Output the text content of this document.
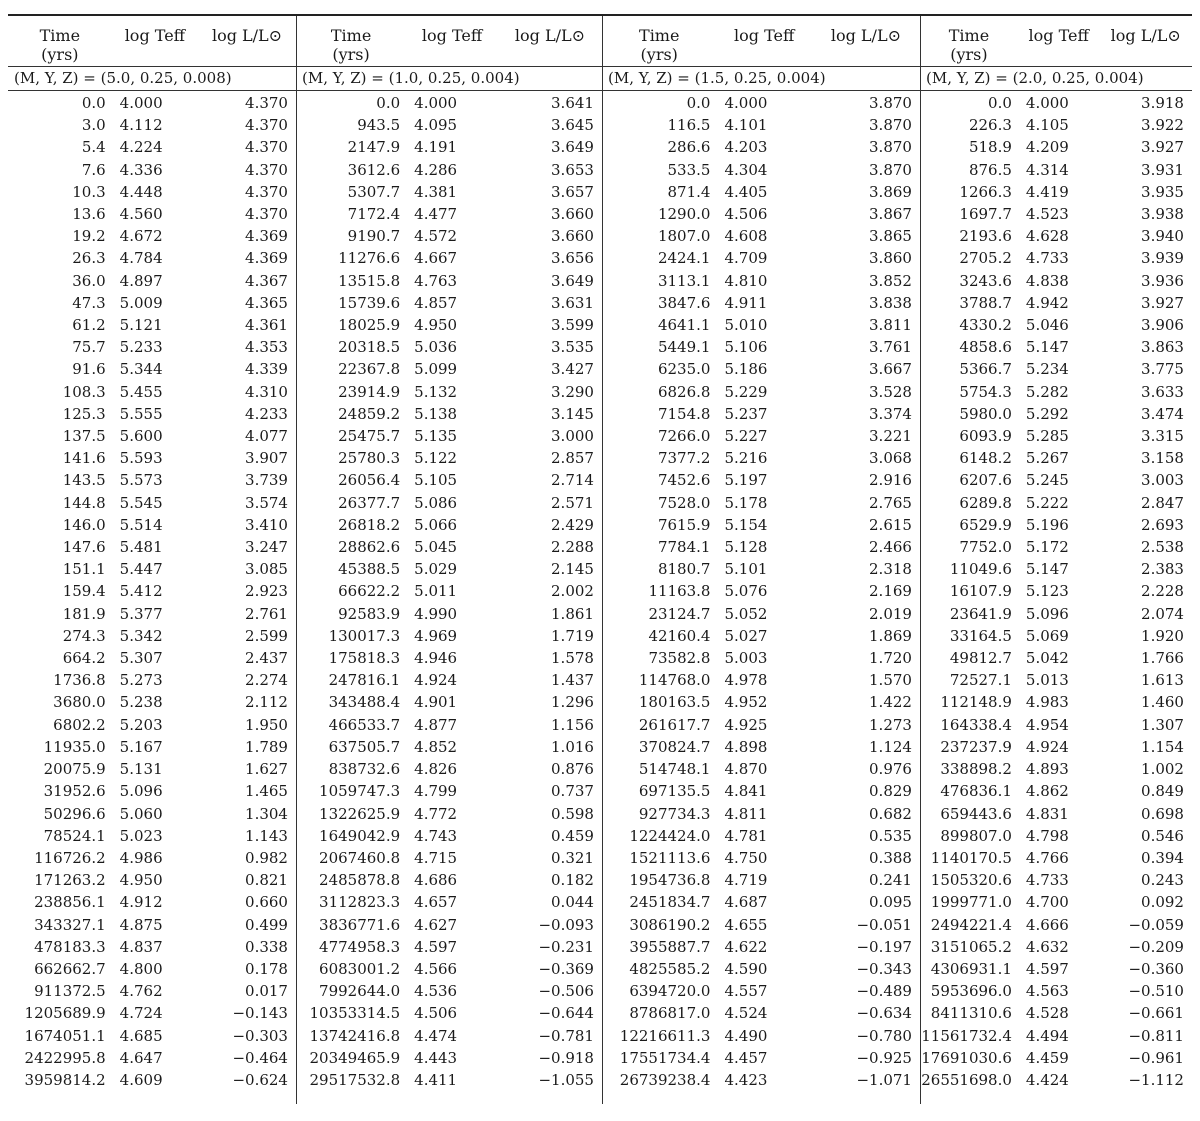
Time
(yrs)
log Teff	log L/L⊙
(M, Y, Z) = (5.0, 0.25, 0.008)
0.0 4.000	4.370
3.0 4.112	4.370
5.4 4.224	4.370
7.6 4.336	4.370
10.3 4.448	4.370
13.6 4.560	4.370
19.2 4.672	4.369
26.3 4.784	4.369
36.0 4.897	4.367
47.3 5.009	4.365
61.2 5.121	4.361
75.7 5.233	4.353
91.6 5.344	4.339
108.3 5.455	4.310
125.3 5.555	4.233
137.5 5.600	4.077
141.6 5.593	3.907
143.5 5.573	3.739
144.8 5.545	3.574
146.0 5.514	3.410
147.6 5.481	3.247
151.1 5.447	3.085
159.4 5.412	2.923
181.9 5.377	2.761
274.3 5.342	2.599
664.2 5.307	2.437
1736.8 5.273	2.274
3680.0 5.238	2.112
6802.2 5.203	1.950
11935.0 5.167	1.789
20075.9 5.131	1.627
31952.6 5.096	1.465
50296.6 5.060	1.304
78524.1 5.023	1.143
116726.2 4.986	0.982
171263.2 4.950	0.821
238856.1 4.912	0.660
343327.1 4.875	0.499
478183.3 4.837	0.338
662662.7 4.800	0.178
911372.5 4.762	0.017
1205689.9 4.724	−0.143
1674051.1 4.685	−0.303
2422995.8 4.647	−0.464
3959814.2 4.609	−0.624
Time
(yrs)
log Teff	log L/L⊙
(M, Y, Z) = (1.0, 0.25, 0.004)
0.0 4.000	3.641
943.5 4.095	3.645
2147.9 4.191	3.649
3612.6 4.286	3.653
5307.7 4.381	3.657
7172.4 4.477	3.660
9190.7 4.572	3.660
11276.6 4.667	3.656
13515.8 4.763	3.649
15739.6 4.857	3.631
18025.9 4.950	3.599
20318.5 5.036	3.535
22367.8 5.099	3.427
23914.9 5.132	3.290
24859.2 5.138	3.145
25475.7 5.135	3.000
25780.3 5.122	2.857
26056.4 5.105	2.714
26377.7 5.086	2.571
26818.2 5.066	2.429
28862.6 5.045	2.288
45388.5 5.029	2.145
66622.2 5.011	2.002
92583.9 4.990	1.861
130017.3 4.969	1.719
175818.3 4.946	1.578
247816.1 4.924	1.437
343488.4 4.901	1.296
466533.7 4.877	1.156
637505.7 4.852	1.016
838732.6 4.826	0.876
1059747.3 4.799	0.737
1322625.9 4.772	0.598
1649042.9 4.743	0.459
2067460.8 4.715	0.321
2485878.8 4.686	0.182
3112823.3 4.657	0.044
3836771.6 4.627	−0.093
4774958.3 4.597	−0.231
6083001.2 4.566	−0.369
7992644.0 4.536	−0.506
10353314.5 4.506	−0.644
13742416.8 4.474	−0.781
20349465.9 4.443	−0.918
29517532.8 4.411	−1.055
Time
(yrs)
log Teff	log L/L⊙
(M, Y, Z) = (1.5, 0.25, 0.004)
0.0 4.000	3.870
116.5 4.101	3.870
286.6 4.203	3.870
533.5 4.304	3.870
871.4 4.405	3.869
1290.0 4.506	3.867
1807.0 4.608	3.865
2424.1 4.709	3.860
3113.1 4.810	3.852
3847.6 4.911	3.838
4641.1 5.010	3.811
5449.1 5.106	3.761
6235.0 5.186	3.667
6826.8 5.229	3.528
7154.8 5.237	3.374
7266.0 5.227	3.221
7377.2 5.216	3.068
7452.6 5.197	2.916
7528.0 5.178	2.765
7615.9 5.154	2.615
7784.1 5.128	2.466
8180.7 5.101	2.318
11163.8 5.076	2.169
23124.7 5.052	2.019
42160.4 5.027	1.869
73582.8 5.003	1.720
114768.0 4.978	1.570
180163.5 4.952	1.422
261617.7 4.925	1.273
370824.7 4.898	1.124
514748.1 4.870	0.976
697135.5 4.841	0.829
927734.3 4.811	0.682
1224424.0 4.781	0.535
1521113.6 4.750	0.388
1954736.8 4.719	0.241
2451834.7 4.687	0.095
3086190.2 4.655	−0.051
3955887.7 4.622	−0.197
4825585.2 4.590	−0.343
6394720.0 4.557	−0.489
8786817.0 4.524	−0.634
12216611.3 4.490	−0.780
17551734.4 4.457	−0.925
26739238.4 4.423	−1.071
Time
(yrs)
log Teff	log L/L⊙
(M, Y, Z) = (2.0, 0.25, 0.004)
0.0 4.000	3.918
226.3 4.105	3.922
518.9 4.209	3.927
876.5 4.314	3.931
1266.3 4.419	3.935
1697.7 4.523	3.938
2193.6 4.628	3.940
2705.2 4.733	3.939
3243.6 4.838	3.936
3788.7 4.942	3.927
4330.2 5.046	3.906
4858.6 5.147	3.863
5366.7 5.234	3.775
5754.3 5.282	3.633
5980.0 5.292	3.474
6093.9 5.285	3.315
6148.2 5.267	3.158
6207.6 5.245	3.003
6289.8 5.222	2.847
6529.9 5.196	2.693
7752.0 5.172	2.538
11049.6 5.147	2.383
16107.9 5.123	2.228
23641.9 5.096	2.074
33164.5 5.069	1.920
49812.7 5.042	1.766
72527.1 5.013	1.613
112148.9 4.983	1.460
164338.4 4.954	1.307
237237.9 4.924	1.154
338898.2 4.893	1.002
476836.1 4.862	0.849
659443.6 4.831	0.698
899807.0 4.798	0.546
1140170.5 4.766	0.394
1505320.6 4.733	0.243
1999771.0 4.700	0.092
2494221.4 4.666	−0.059
3151065.2 4.632	−0.209
4306931.1 4.597	−0.360
5953696.0 4.563	−0.510
8411310.6 4.528	−0.661
11561732.4 4.494	−0.811
17691030.6 4.459	−0.961
26551698.0 4.424	−1.112
